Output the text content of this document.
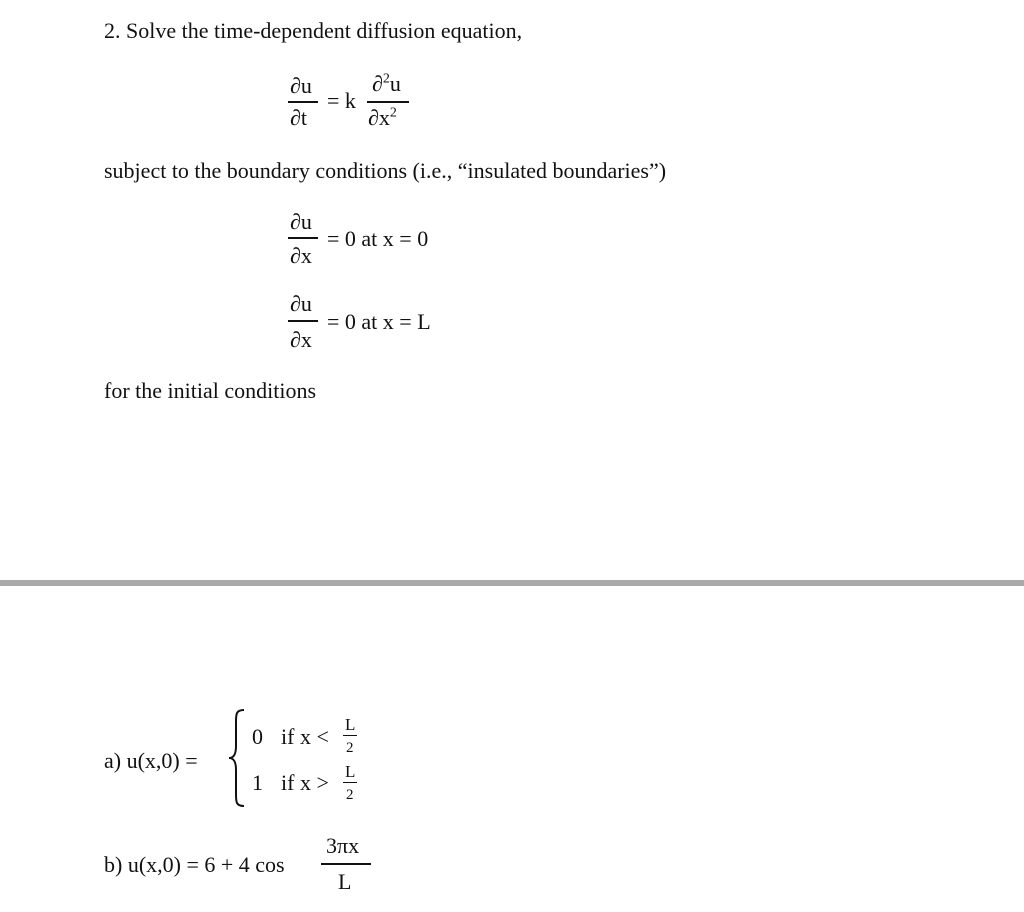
2. Solve the time-dependent diffusion equation,
∂u
∂t
= k
∂$^2$u
$\partial x^2$
subject to the boundary conditions (i.e., “insulated boundaries”)
∂u
∂x
= 0 at x = 0
∂u
∂x
= 0 at x = L
for the initial conditions
a) u(x,0) =
0 if x < L
2
1 if x > L
2
b) u(x,0) = 6 + 4 cos
3πx
L
